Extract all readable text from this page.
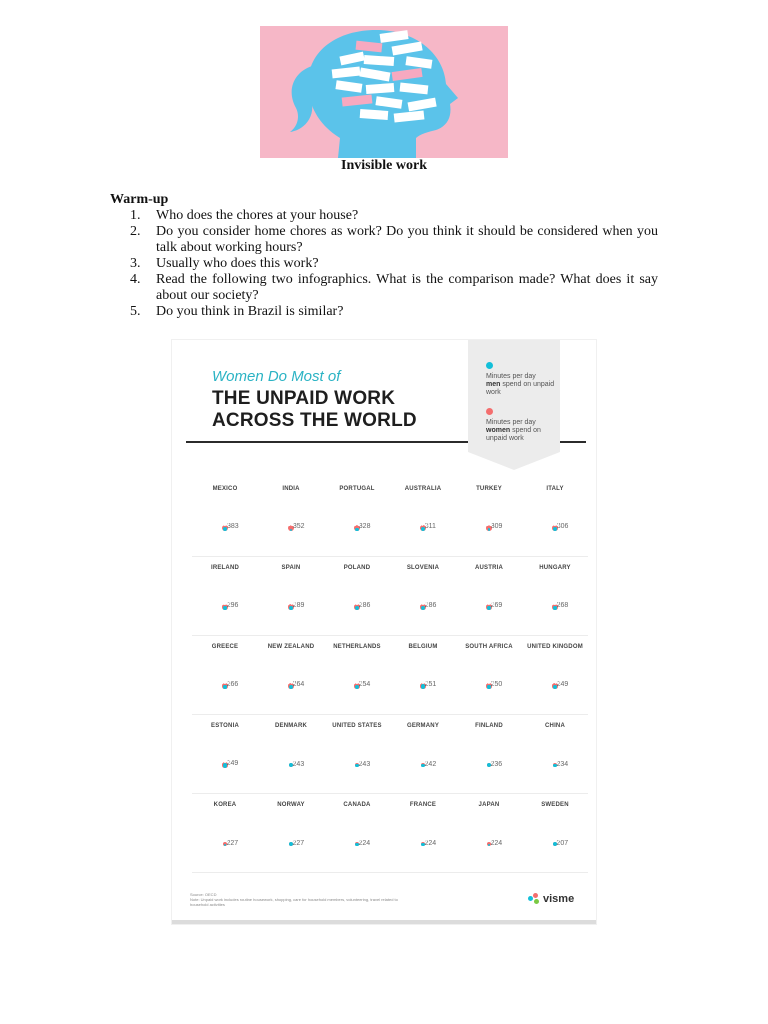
Invisible work
Warm-up
1.	Who does the chores at your house?
2.	Do you consider home chores as work? Do you think it should be considered when you talk about working hours?
3.	Usually who does this work?
4.	Read the following two infographics. What is the comparison made? What does it say about our society?
5.	Do you think in Brazil is similar?
Women Do Most of
THE UNPAID WORK
ACROSS THE WORLD
Minutes per day
men spend on unpaid work
Minutes per day
women spend on unpaid work
MEXICO
383
137
INDIA
352
52
PORTUGAL
328
96
AUSTRALIA
311
172
TURKEY
309
85
ITALY
306
131
IRELAND
296
129
SPAIN
289
146
POLAND
286
159
SLOVENIA
286
166
AUSTRIA
269
135
HUNGARY
268
127
GREECE
266
109
NEW ZEALAND
264
141
NETHERLANDS
254
133
BELGIUM
251
168
SOUTH AFRICA
250
103
UNITED KINGDOM
249
140
ESTONIA
249
160
DENMARK
243
186
UNITED STATES
243
150
GERMANY
242
150
FINLAND
236
157
CHINA
234
91
KOREA
227
45
NORWAY
227
168
CANADA
224
148
FRANCE
224
135
JAPAN
224
41
SWEDEN
207
154
Source: OECD
Note: Unpaid work includes routine housework, shopping, care for household members, volunteering, travel related to household activities	visme
